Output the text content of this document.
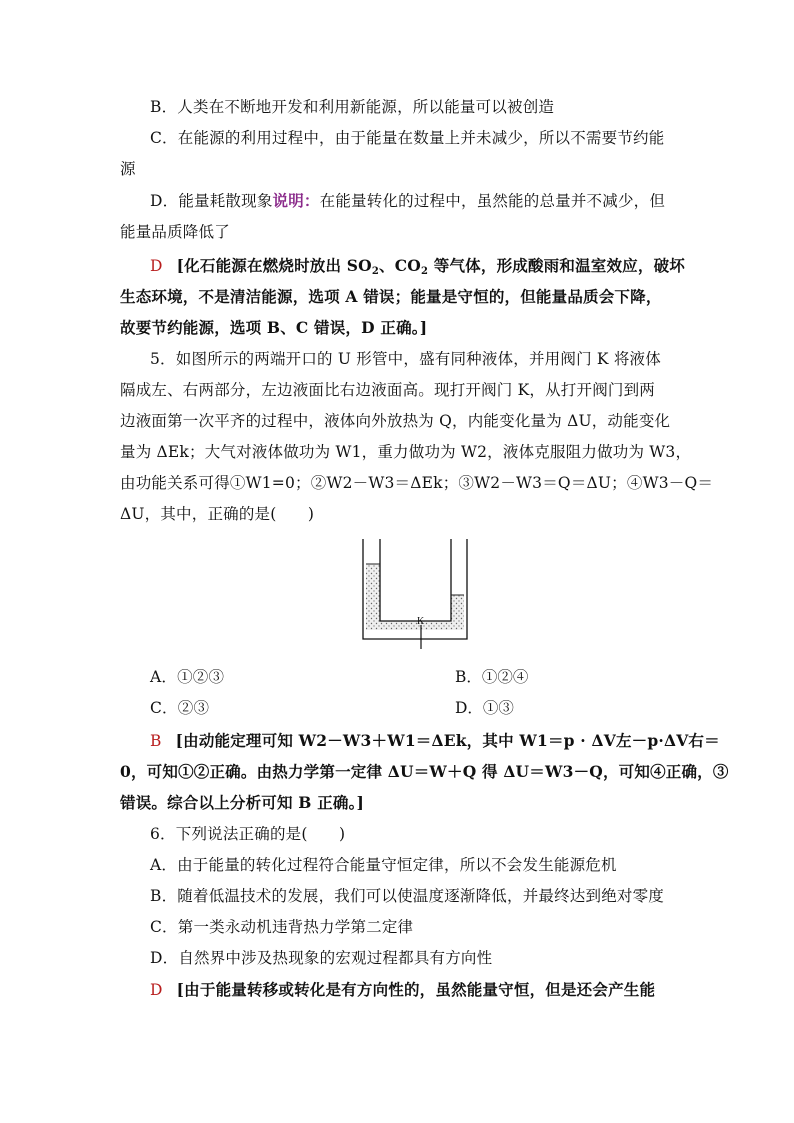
B．人类在不断地开发和利用新能源，所以能量可以被创造
C．在能源的利用过程中，由于能量在数量上并未减少，所以不需要节约能
源
D．能量耗散现象说明：在能量转化的过程中，虽然能的总量并不减少，但
能量品质降低了
D [化石能源在燃烧时放出 $SO_2$、$CO_2$ 等气体，形成酸雨和温室效应，破坏
生态环境，不是清洁能源，选项 A 错误；能量是守恒的，但能量品质会下降，
故要节约能源，选项 B、C 错误，D 正确。]
5．如图所示的两端开口的 U 形管中，盛有同种液体，并用阀门 K 将液体
隔成左、右两部分，左边液面比右边液面高。现打开阀门 K，从打开阀门到两
边液面第一次平齐的过程中，液体向外放热为 Q，内能变化量为 ΔU，动能变化
量为 ΔEk；大气对液体做功为 W1，重力做功为 W2，液体克服阻力做功为 W3，
由功能关系可得①W1=0；②W2－W3＝ΔEk；③W2－W3＝Q＝ΔU；④W3－Q＝
ΔU，其中，正确的是(　　)
K
A．①②③	B．①②④
C．②③	D．①③
B [由动能定理可知 W2－W3＋W1＝ΔEk，其中 W1＝p · ΔV左－p·ΔV右＝
0，可知①②正确。由热力学第一定律 ΔU＝W＋Q 得 ΔU＝W3－Q，可知④正确，③
错误。综合以上分析可知 B 正确。]
6．下列说法正确的是(　　)
A．由于能量的转化过程符合能量守恒定律，所以不会发生能源危机
B．随着低温技术的发展，我们可以使温度逐渐降低，并最终达到绝对零度
C．第一类永动机违背热力学第二定律
D．自然界中涉及热现象的宏观过程都具有方向性
D [由于能量转移或转化是有方向性的，虽然能量守恒，但是还会产生能
